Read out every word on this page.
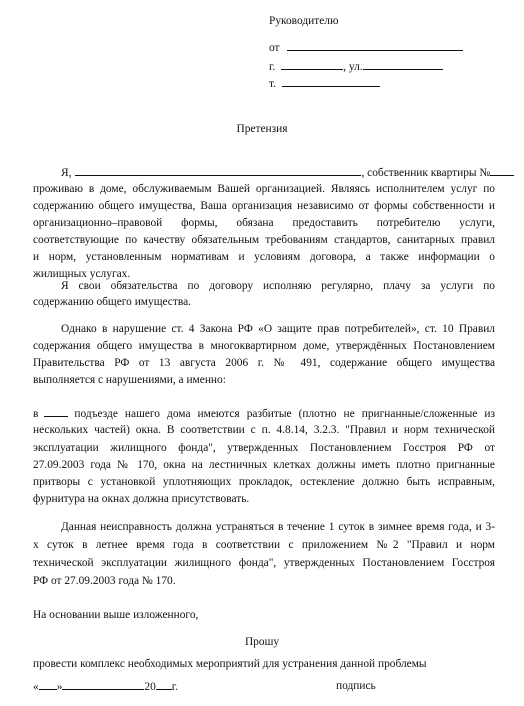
Руководителю
от
г.	, ул.
т.
Претензия
Я,	, собственник квартиры №
проживаю в доме, обслуживаемым Вашей организацией. Являясь исполнителем услуг по
содержанию общего имущества, Ваша организация независимо от формы собственности и
организационно–правовой формы, обязана предоставить потребителю услуги,
соответствующие по качеству обязательным требованиям стандартов, санитарных правил
и норм, установленным нормативам и условиям договора, а также информации о
жилищных услугах.
Я свои обязательства по договору исполняю регулярно, плачу за услуги по
содержанию общего имущества.
Однако в нарушение ст. 4 Закона РФ «О защите прав потребителей», ст. 10 Правил
содержания общего имущества в многоквартирном доме, утверждённых Постановлением
Правительства РФ от 13 августа 2006 г. № 491, содержание общего имущества
выполняется с нарушениями, а именно:
в	подъезде нашего дома имеются разбитые (плотно не пригнанные/сложенные из
нескольких частей) окна. В соответствии с п. 4.8.14, 3.2.3. "Правил и норм технической
эксплуатации жилищного фонда", утвержденных Постановлением Госстроя РФ от
27.09.2003 года № 170, окна на лестничных клетках должны иметь плотно пригнанные
притворы с установкой уплотняющих прокладок, остекление должно быть исправным,
фурнитура на окнах должна присутствовать.
Данная неисправность должна устраняться в течение 1 суток в зимнее время года, и 3-
х суток в летнее время года в соответствии с приложением №2 "Правил и норм
технической эксплуатации жилищного фонда", утвержденных Постановлением Госстроя
РФ от 27.09.2003 года № 170.
На основании выше изложенного,
Прошу
провести комплекс необходимых мероприятий для устранения данной проблемы
« »	20 г.	подпись
